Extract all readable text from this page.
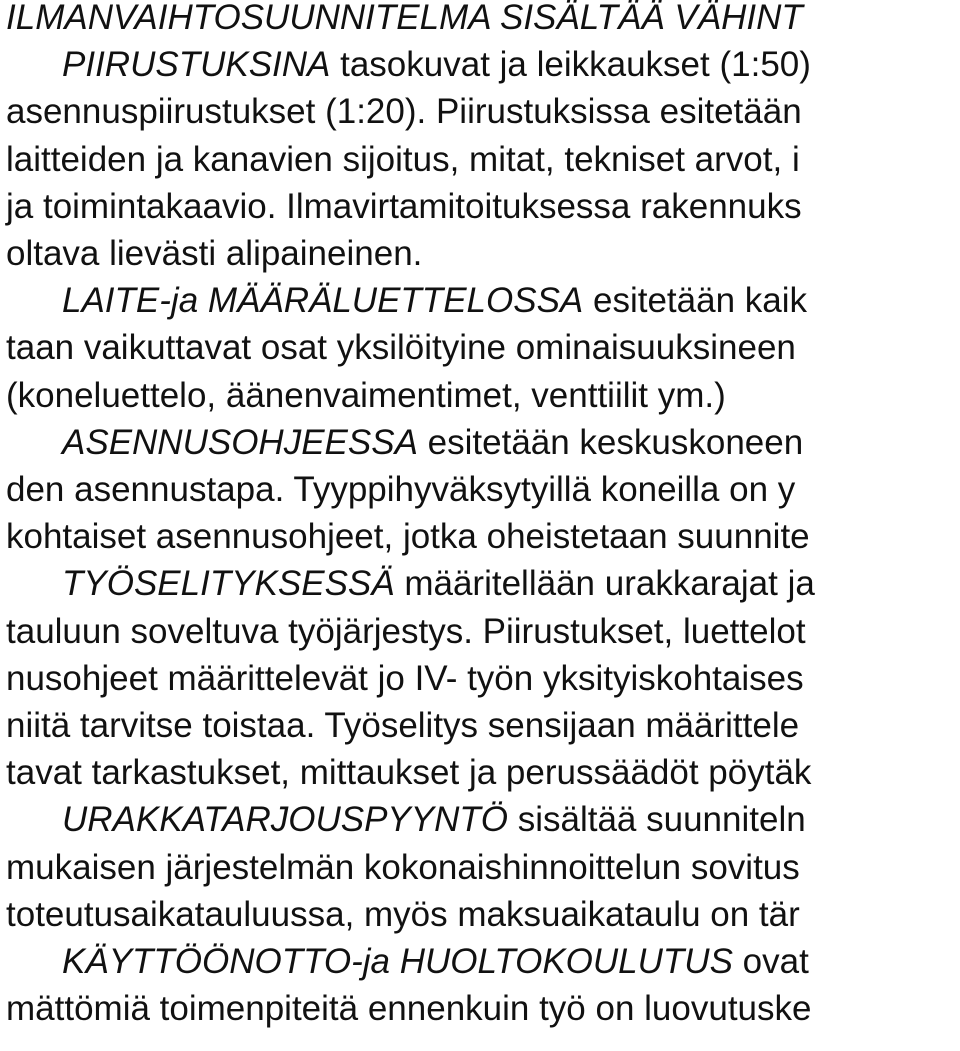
ILMANVAIHTOSUUNNITELMA SISÄLTÄÄ VÄHINT
PIIRUSTUKSINA tasokuvat ja leikkaukset (1:50)
asennuspiirustukset (1:20). Piirustuksissa esitetään
laitteiden ja kanavien sijoitus, mitat, tekniset arvot, i
ja toimintakaavio. Ilmavirtamitoituksessa rakennuks
oltava lievästi alipaineinen.
LAITE-ja MÄÄRÄLUETTELOSSA esitetään kaik
taan vaikuttavat osat yksilöityine ominaisuuksineen
(koneluettelo, äänenvaimentimet, venttiilit ym.)
ASENNUSOHJEESSA esitetään keskuskoneen
den asennustapa. Tyyppihyväksytyillä koneilla on y
kohtaiset asennusohjeet, jotka oheistetaan suunnite
TYÖSELITYKSESSÄ määritellään urakkarajat ja
tauluun soveltuva työjärjestys. Piirustukset, luettelot
nusohjeet määrittelevät jo IV- työn yksityiskohtaises
niitä tarvitse toistaa. Työselitys sensijaan määrittele
tavat tarkastukset, mittaukset ja perussäädöt pöytäk
URAKKATARJOUSPYYNTÖ sisältää suunniteln
mukaisen järjestelmän kokonaishinnoittelun sovitus
toteutusaikatauluussa, myös maksuaikataulu on tär
KÄYTTÖÖNOTTO-ja HUOLTOKOULUTUS ovat
mättömiä toimenpiteitä ennenkuin työ on luovutuske
